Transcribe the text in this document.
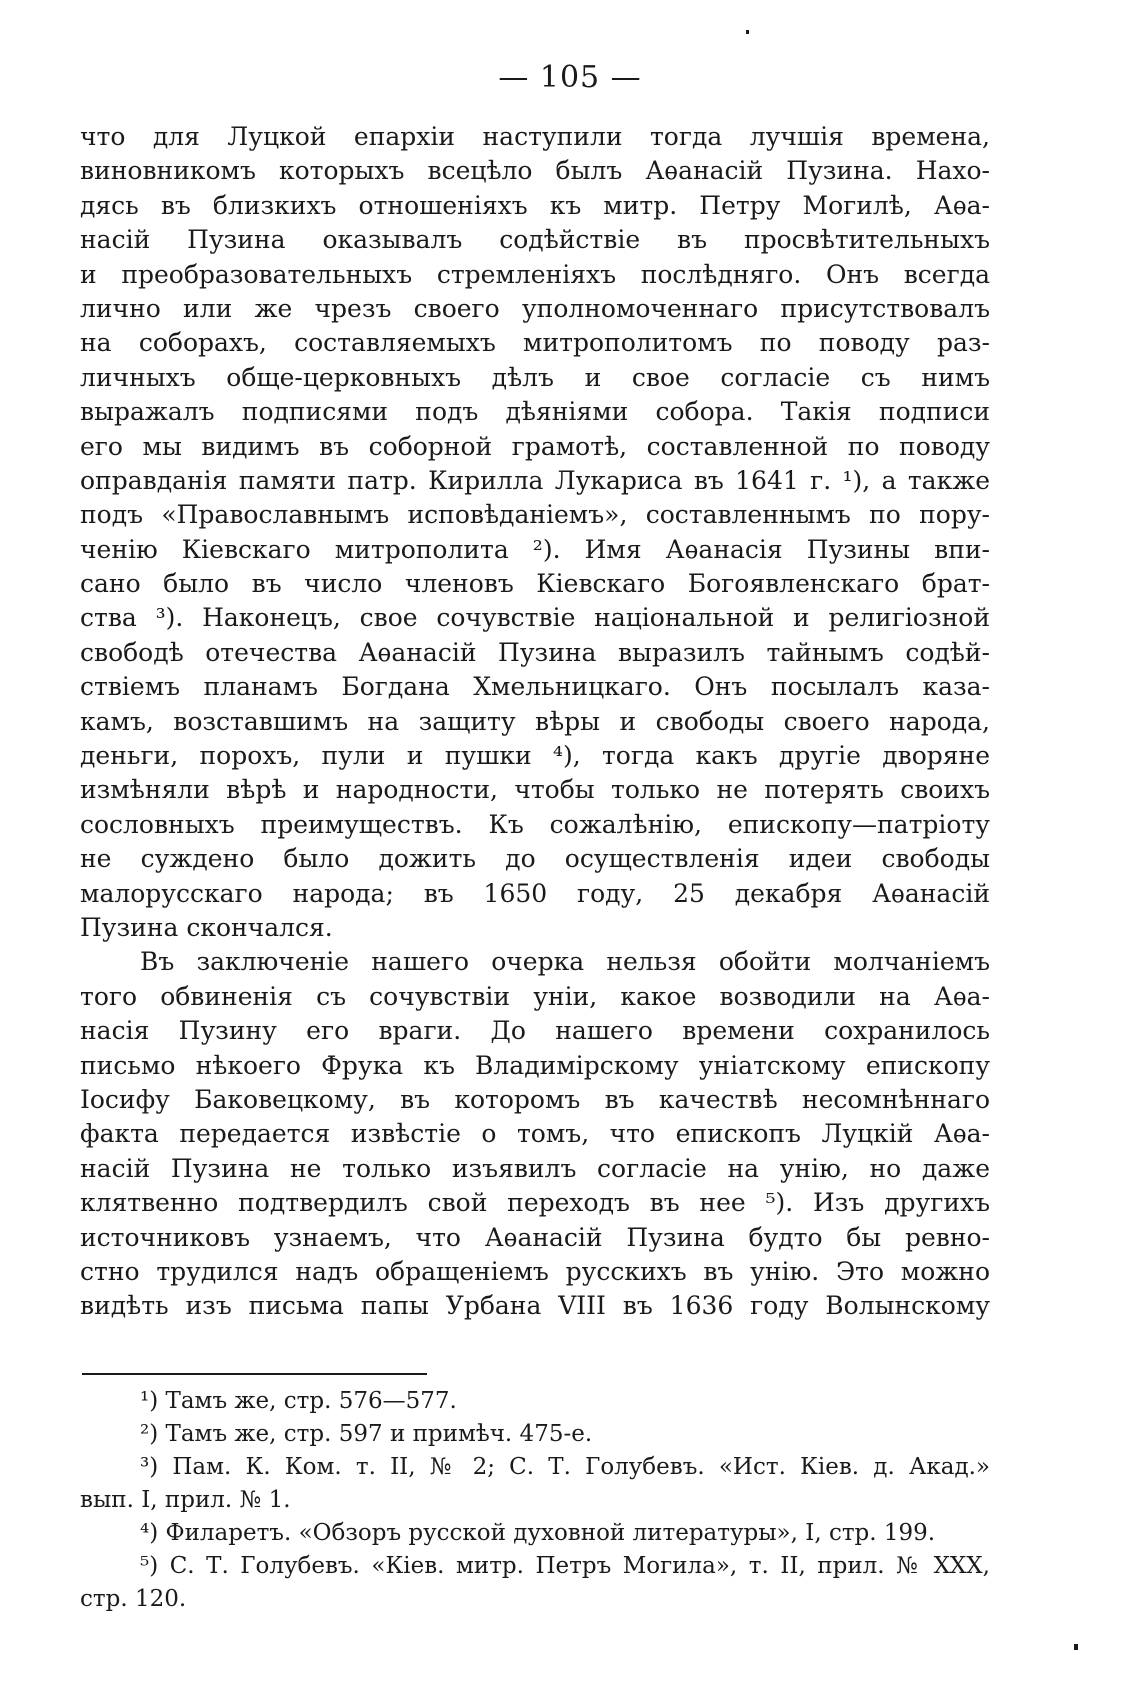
— 105 —
что для Луцкой епархіи наступили тогда лучшія времена,
виновникомъ которыхъ всецѣло былъ Аѳанасій Пузина. Нахо-
дясь въ близкихъ отношеніяхъ къ митр. Петру Могилѣ, Аѳа-
насій Пузина оказывалъ содѣйствіе въ просвѣтительныхъ
и преобразовательныхъ стремленіяхъ послѣдняго. Онъ всегда
лично или же чрезъ своего уполномоченнаго присутствовалъ
на соборахъ, составляемыхъ митрополитомъ по поводу раз-
личныхъ обще-церковныхъ дѣлъ и свое согласіе съ нимъ
выражалъ подписями подъ дѣяніями собора. Такія подписи
его мы видимъ въ соборной грамотѣ, составленной по поводу
оправданія памяти патр. Кирилла Лукариса въ 1641 г. ¹), а также
подъ «Православнымъ исповѣданіемъ», составленнымъ по пору-
ченію Кіевскаго митрополита ²). Имя Аѳанасія Пузины впи-
сано было въ число членовъ Кіевскаго Богоявленскаго брат-
ства ³). Наконецъ, свое сочувствіе національной и религіозной
свободѣ отечества Аѳанасій Пузина выразилъ тайнымъ содѣй-
ствіемъ планамъ Богдана Хмельницкаго. Онъ посылалъ каза-
камъ, возставшимъ на защиту вѣры и свободы своего народа,
деньги, порохъ, пули и пушки ⁴), тогда какъ другіе дворяне
измѣняли вѣрѣ и народности, чтобы только не потерять своихъ
сословныхъ преимуществъ. Къ сожалѣнію, епископу—патріоту
не суждено было дожить до осуществленія идеи свободы
малорусскаго народа; въ 1650 году, 25 декабря Аѳанасій
Пузина скончался.
Въ заключеніе нашего очерка нельзя обойти молчаніемъ
того обвиненія съ сочувствіи уніи, какое возводили на Аѳа-
насія Пузину его враги. До нашего времени сохранилось
письмо нѣкоего Фрука къ Владимірскому уніатскому епископу
Іосифу Баковецкому, въ которомъ въ качествѣ несомнѣннаго
факта передается извѣстіе о томъ, что епископъ Луцкій Аѳа-
насій Пузина не только изъявилъ согласіе на унію, но даже
клятвенно подтвердилъ свой переходъ въ нее ⁵). Изъ другихъ
источниковъ узнаемъ, что Аѳанасій Пузина будто бы ревно-
стно трудился надъ обращеніемъ русскихъ въ унію. Это можно
видѣть изъ письма папы Урбана VIII въ 1636 году Волынскому
¹) Тамъ же, стр. 576—577.
²) Тамъ же, стр. 597 и примѣч. 475-е.
³) Пам. К. Ком. т. II, № 2; С. Т. Голубевъ. «Ист. Кіев. д. Акад.»
вып. I, прил. № 1.
⁴) Филаретъ. «Обзоръ русской духовной литературы», I, стр. 199.
⁵) С. Т. Голубевъ. «Кіев. митр. Петръ Могила», т. II, прил. № XXX,
стр. 120.
